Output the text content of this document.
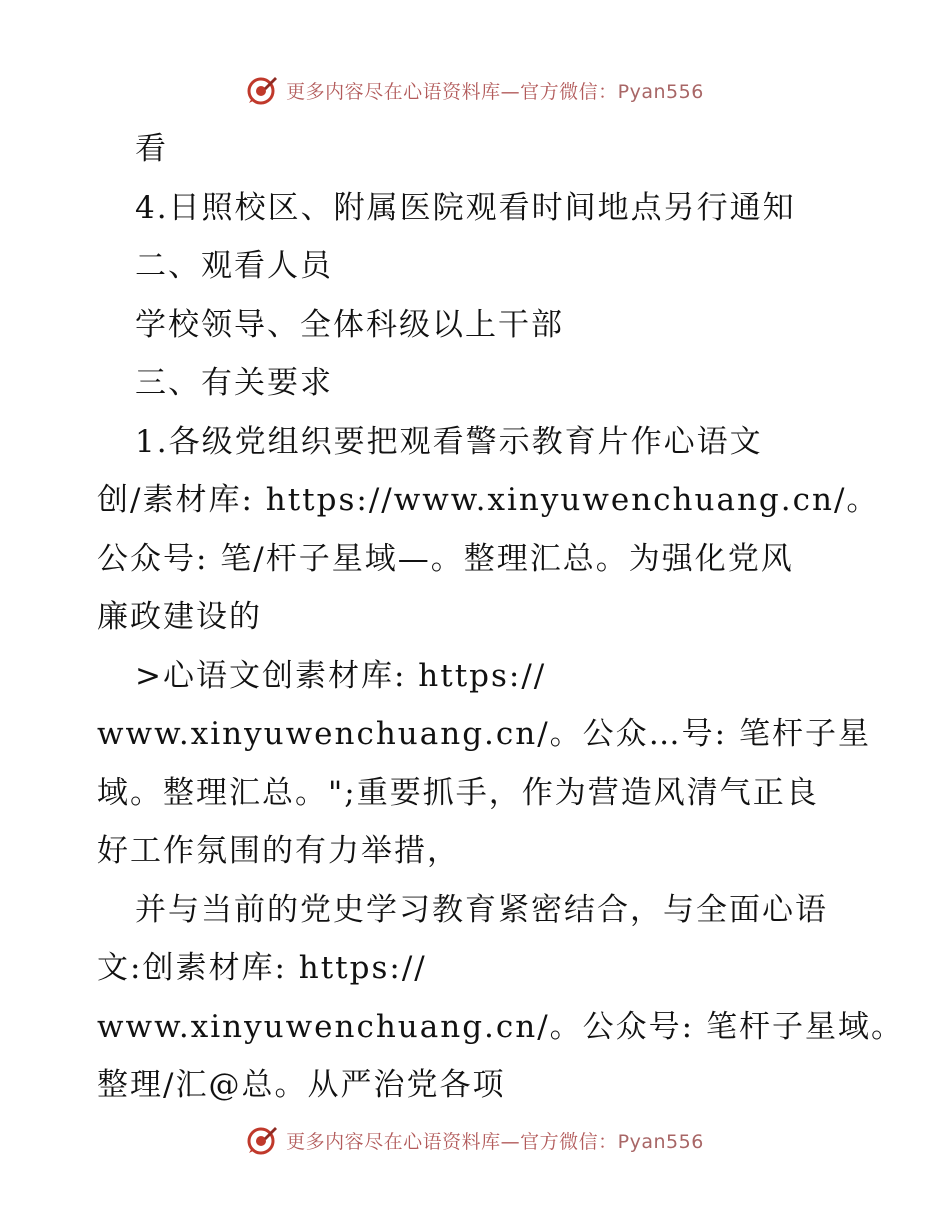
更多内容尽在心语资料库—官方微信：Pyan556
看
4.日照校区、附属医院观看时间地点另行通知
二、观看人员
学校领导、全体科级以上干部
三、有关要求
1.各级党组织要把观看警示教育片作心语文
创/素材库: https://www.xinyuwenchuang.cn/。
公众号: 笔/杆子星域—。整理汇总。为强化党风
廉政建设的
>心语文创素材库: https://
www.xinyuwenchuang.cn/。公众…号: 笔杆子星
域。整理汇总。";重要抓手，作为营造风清气正良
好工作氛围的有力举措，
并与当前的党史学习教育紧密结合，与全面心语
文:创素材库: https://
www.xinyuwenchuang.cn/。公众号: 笔杆子星域。
整理/汇@总。从严治党各项
更多内容尽在心语资料库—官方微信：Pyan556
